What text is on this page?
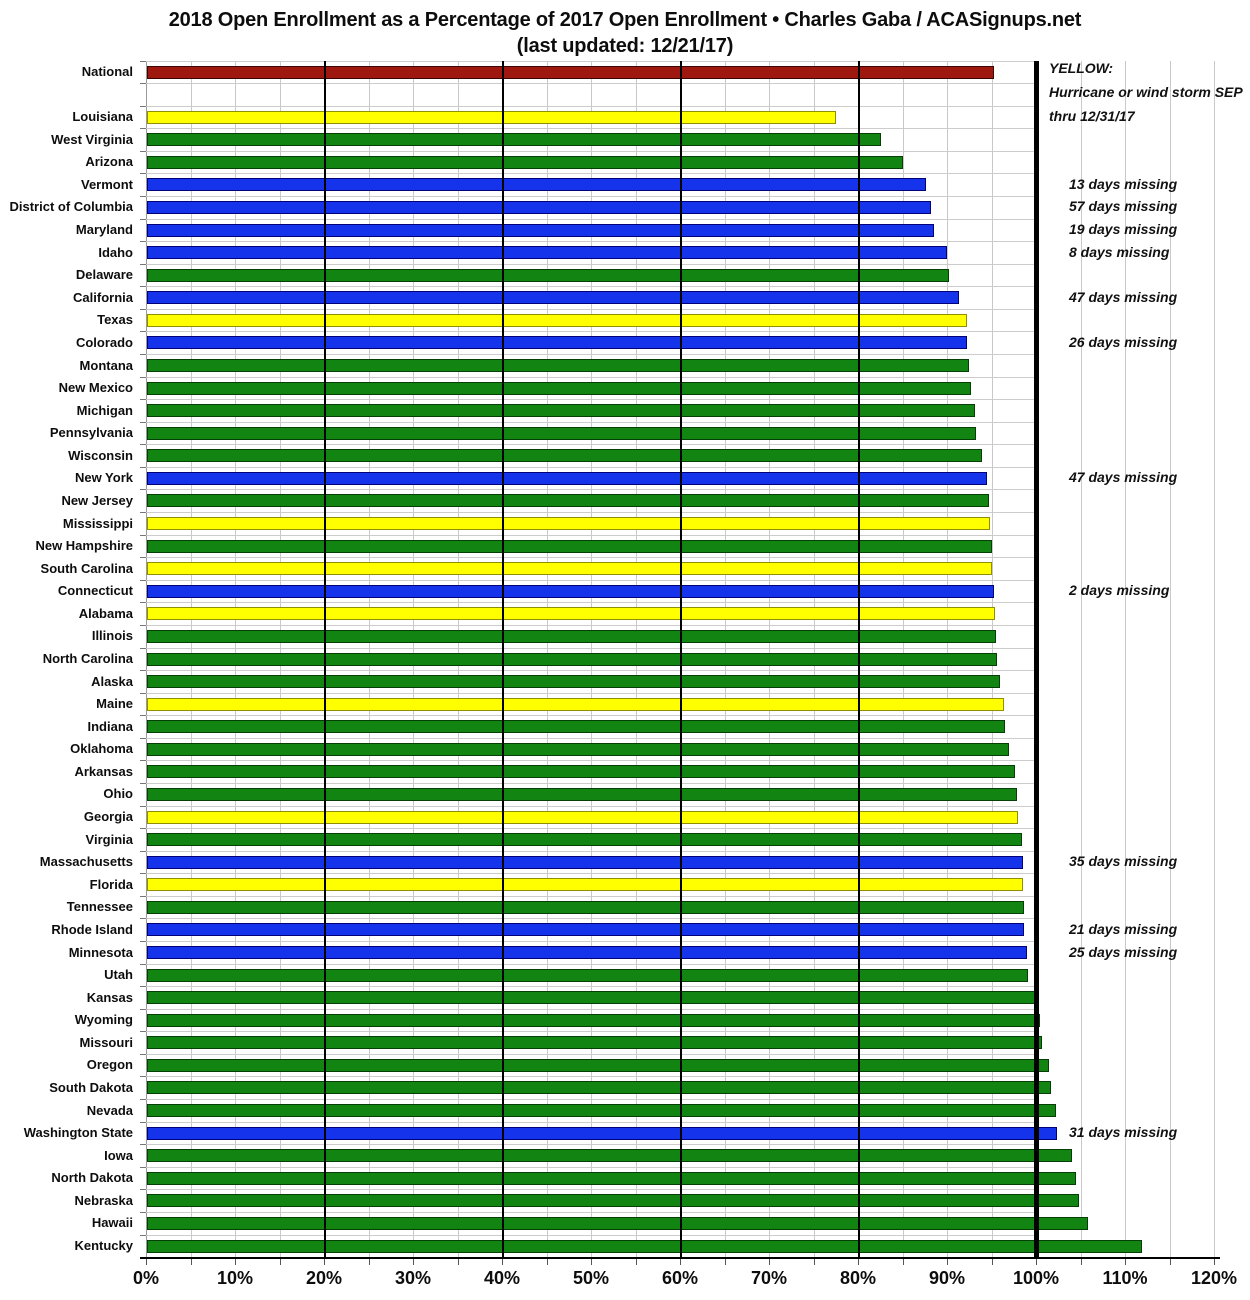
2018 Open Enrollment as a Percentage of 2017 Open Enrollment • Charles Gaba / ACASignups.net
(last updated: 12/21/17)
National
Louisiana
West Virginia
Arizona
Vermont	13 days missing
District of Columbia	57 days missing
Maryland	19 days missing
Idaho	8 days missing
Delaware
California	47 days missing
Texas
Colorado	26 days missing
Montana
New Mexico
Michigan
Pennsylvania
Wisconsin
New York	47 days missing
New Jersey
Mississippi
New Hampshire
South Carolina
Connecticut	2 days missing
Alabama
Illinois
North Carolina
Alaska
Maine
Indiana
Oklahoma
Arkansas
Ohio
Georgia
Virginia
Massachusetts	35 days missing
Florida
Tennessee
Rhode Island	21 days missing
Minnesota	25 days missing
Utah
Kansas
Wyoming
Missouri
Oregon
South Dakota
Nevada
Washington State	31 days missing
Iowa
North Dakota
Nebraska
Hawaii
Kentucky
0%	10%	20%	30%	40%	50%	60%	70%	80%	90%	100%	110%	120%
YELLOW:
Hurricane or wind storm SEP
thru 12/31/17
